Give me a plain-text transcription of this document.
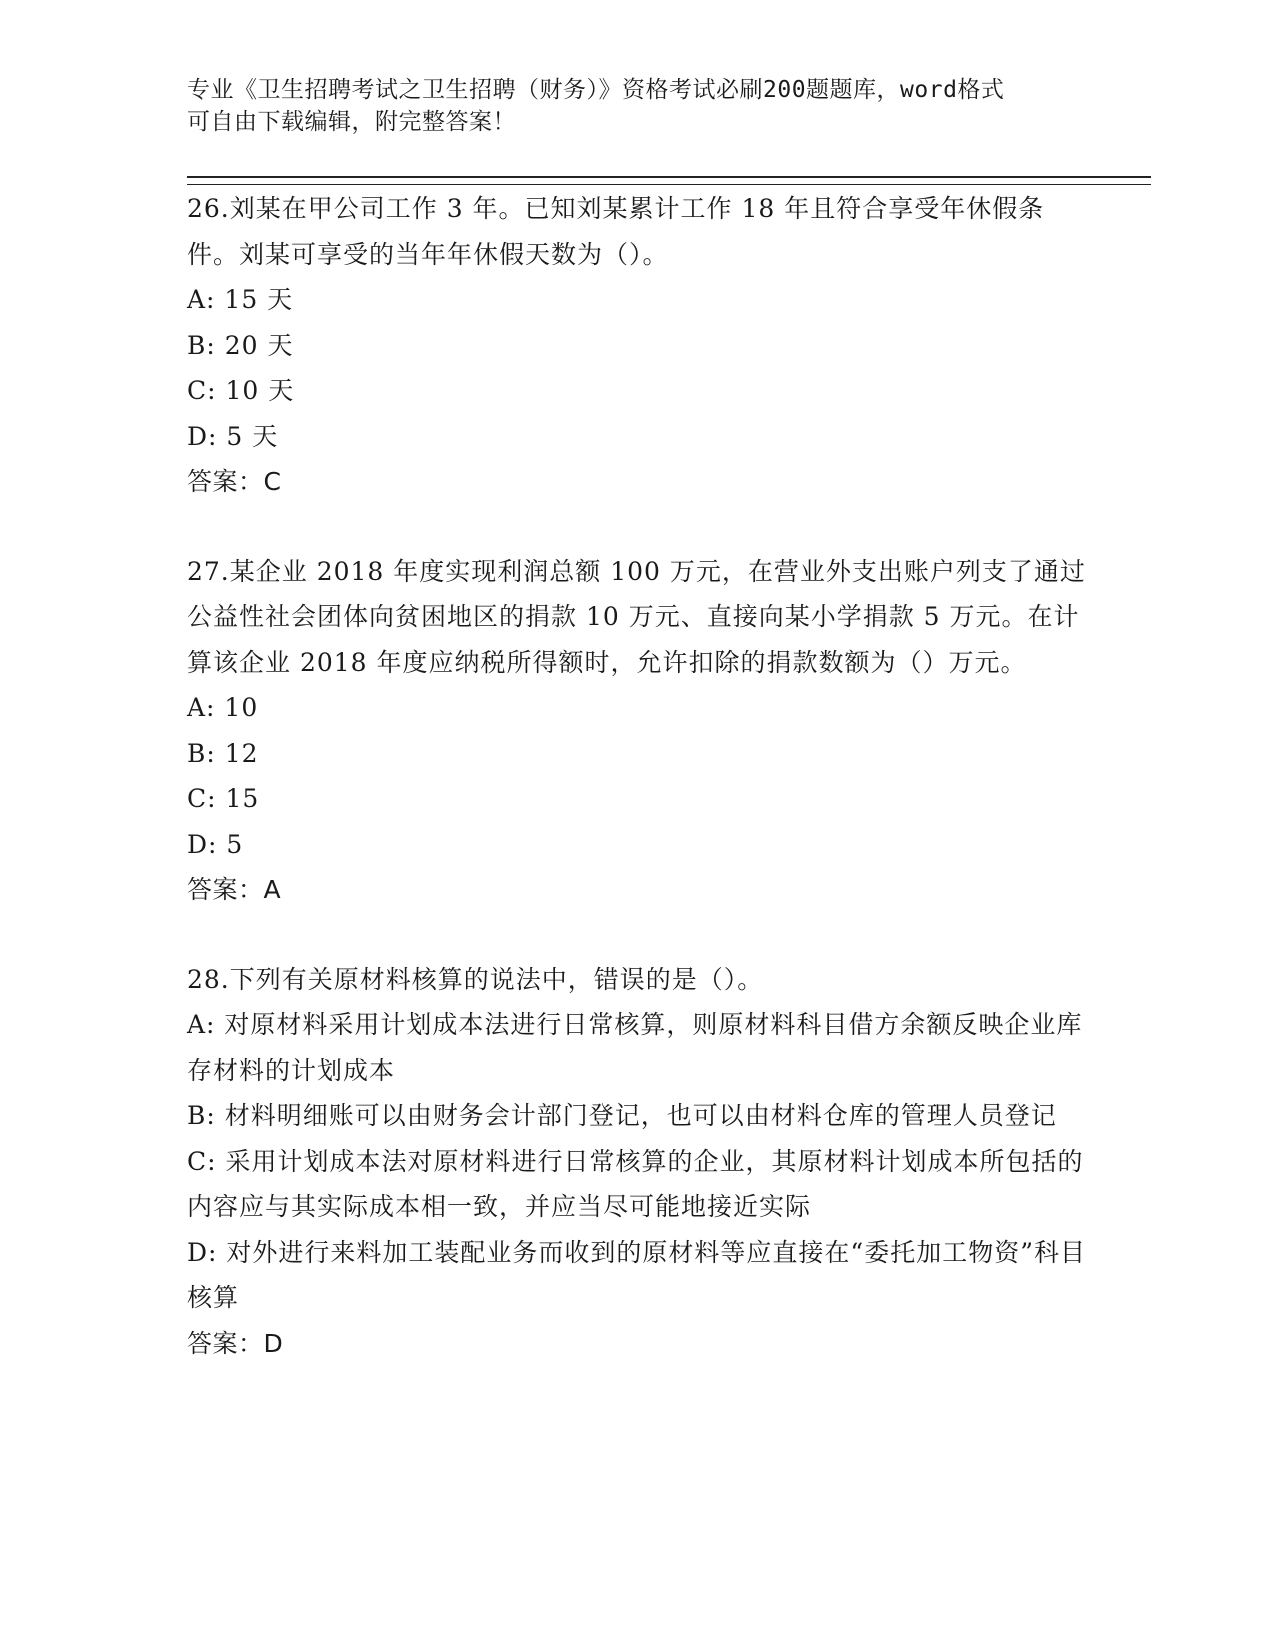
专业《卫生招聘考试之卫生招聘（财务）》资格考试必刷200题题库，word格式
可自由下载编辑，附完整答案！

26.刘某在甲公司工作 3 年。已知刘某累计工作 18 年且符合享受年休假条件。刘某可享受的当年年休假天数为（）。

A: 15 天

B: 20 天

C: 10 天

D: 5 天

答案：C

27.某企业 2018 年度实现利润总额 100 万元，在营业外支出账户列支了通过公益性社会团体向贫困地区的捐款 10 万元、直接向某小学捐款 5 万元。在计算该企业 2018 年度应纳税所得额时，允许扣除的捐款数额为（）万元。

A: 10

B: 12

C: 15

D: 5

答案：A

28.下列有关原材料核算的说法中，错误的是（）。

A: 对原材料采用计划成本法进行日常核算，则原材料科目借方余额反映企业库存材料的计划成本

B: 材料明细账可以由财务会计部门登记，也可以由材料仓库的管理人员登记

C: 采用计划成本法对原材料进行日常核算的企业，其原材料计划成本所包括的内容应与其实际成本相一致，并应当尽可能地接近实际

D: 对外进行来料加工装配业务而收到的原材料等应直接在“委托加工物资”科目核算

答案：D
